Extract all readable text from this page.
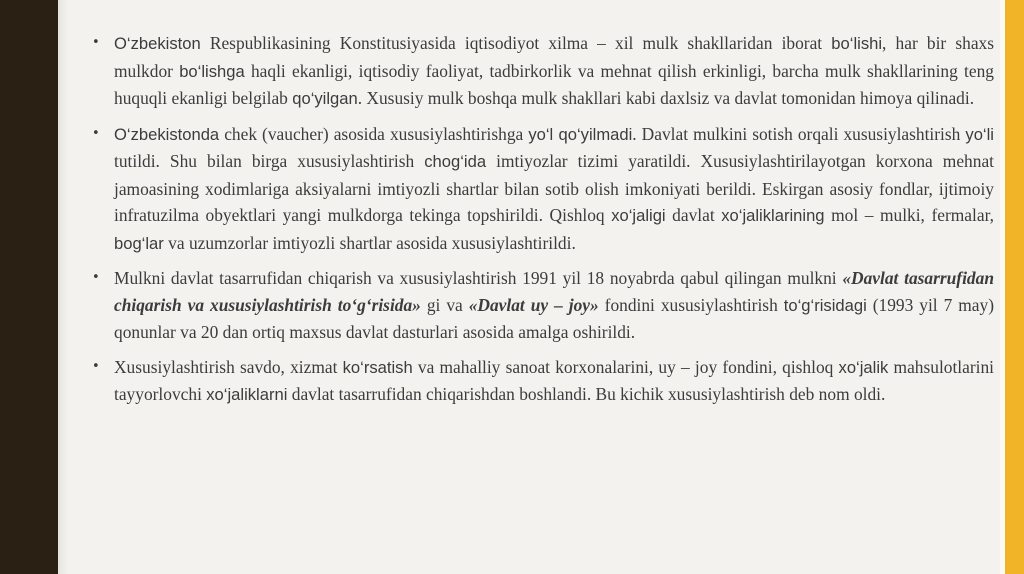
• O‘zbekiston Respublikasining Konstitusiyasida iqtisodiyot xilma – xil mulk shakllaridan iborat bo‘lishi, har bir shaxs mulkdor bo‘lishga haqli ekanligi, iqtisodiy faoliyat, tadbirkorlik va mehnat qilish erkinligi, barcha mulk shakllarining teng huquqli ekanligi belgilab qo‘yilgan. Xususiy mulk boshqa mulk shakllari kabi daxlsiz va davlat tomonidan himoya qilinadi.
• O‘zbekistonda chek (vaucher) asosida xususiylashtirishga yo‘l qo‘yilmadi. Davlat mulkini sotish orqali xususiylashtirish yo‘li tutildi. Shu bilan birga xususiylashtirish chog‘ida imtiyozlar tizimi yaratildi. Xususiylashtirilayotgan korxona mehnat jamoasining xodimlariga aksiyalarni imtiyozli shartlar bilan sotib olish imkoniyati berildi. Eskirgan asosiy fondlar, ijtimoiy infratuzilma obyektlari yangi mulkdorga tekinga topshirildi. Qishloq xo‘jaligi davlat xo‘jaliklarining mol – mulki, fermalar, bog‘lar va uzumzorlar imtiyozli shartlar asosida xususiylashtirildi.
• Mulkni davlat tasarrufidan chiqarish va xususiylashtirish 1991 yil 18 noyabrda qabul qilingan mulkni «Davlat tasarrufidan chiqarish va xususiylashtirish to‘g‘risida» gi va «Davlat uy – joy» fondini xususiylashtirish to‘g‘risidagi (1993 yil 7 may) qonunlar va 20 dan ortiq maxsus davlat dasturlari asosida amalga oshirildi.
• Xususiylashtirish savdo, xizmat ko‘rsatish va mahalliy sanoat korxonalarini, uy – joy fondini, qishloq xo‘jalik mahsulotlarini tayyorlovchi xo‘jaliklarni davlat tasarrufidan chiqarishdan boshlandi. Bu kichik xususiylashtirish deb nom oldi.
